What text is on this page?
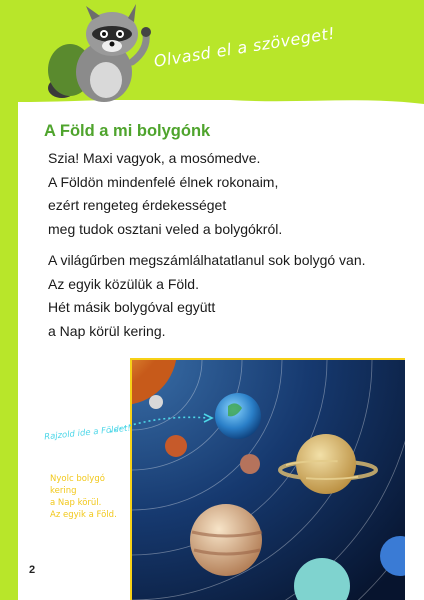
Olvasd el a szöveget!
A Föld a mi bolygónk
Szia! Maxi vagyok, a mosómedve.
A Földön mindenfelé élnek rokonaim,
ezért rengeteg érdekességet
meg tudok osztani veled a bolygókról.
A világűrben megszámlálhatatlanul sok bolygó van.
Az egyik közülük a Föld.
Hét másik bolygóval együtt
a Nap körül kering.
Rajzold ide a Földet!
Nyolc bolygó
kering
a Nap körül.
Az egyik a Föld.
2
